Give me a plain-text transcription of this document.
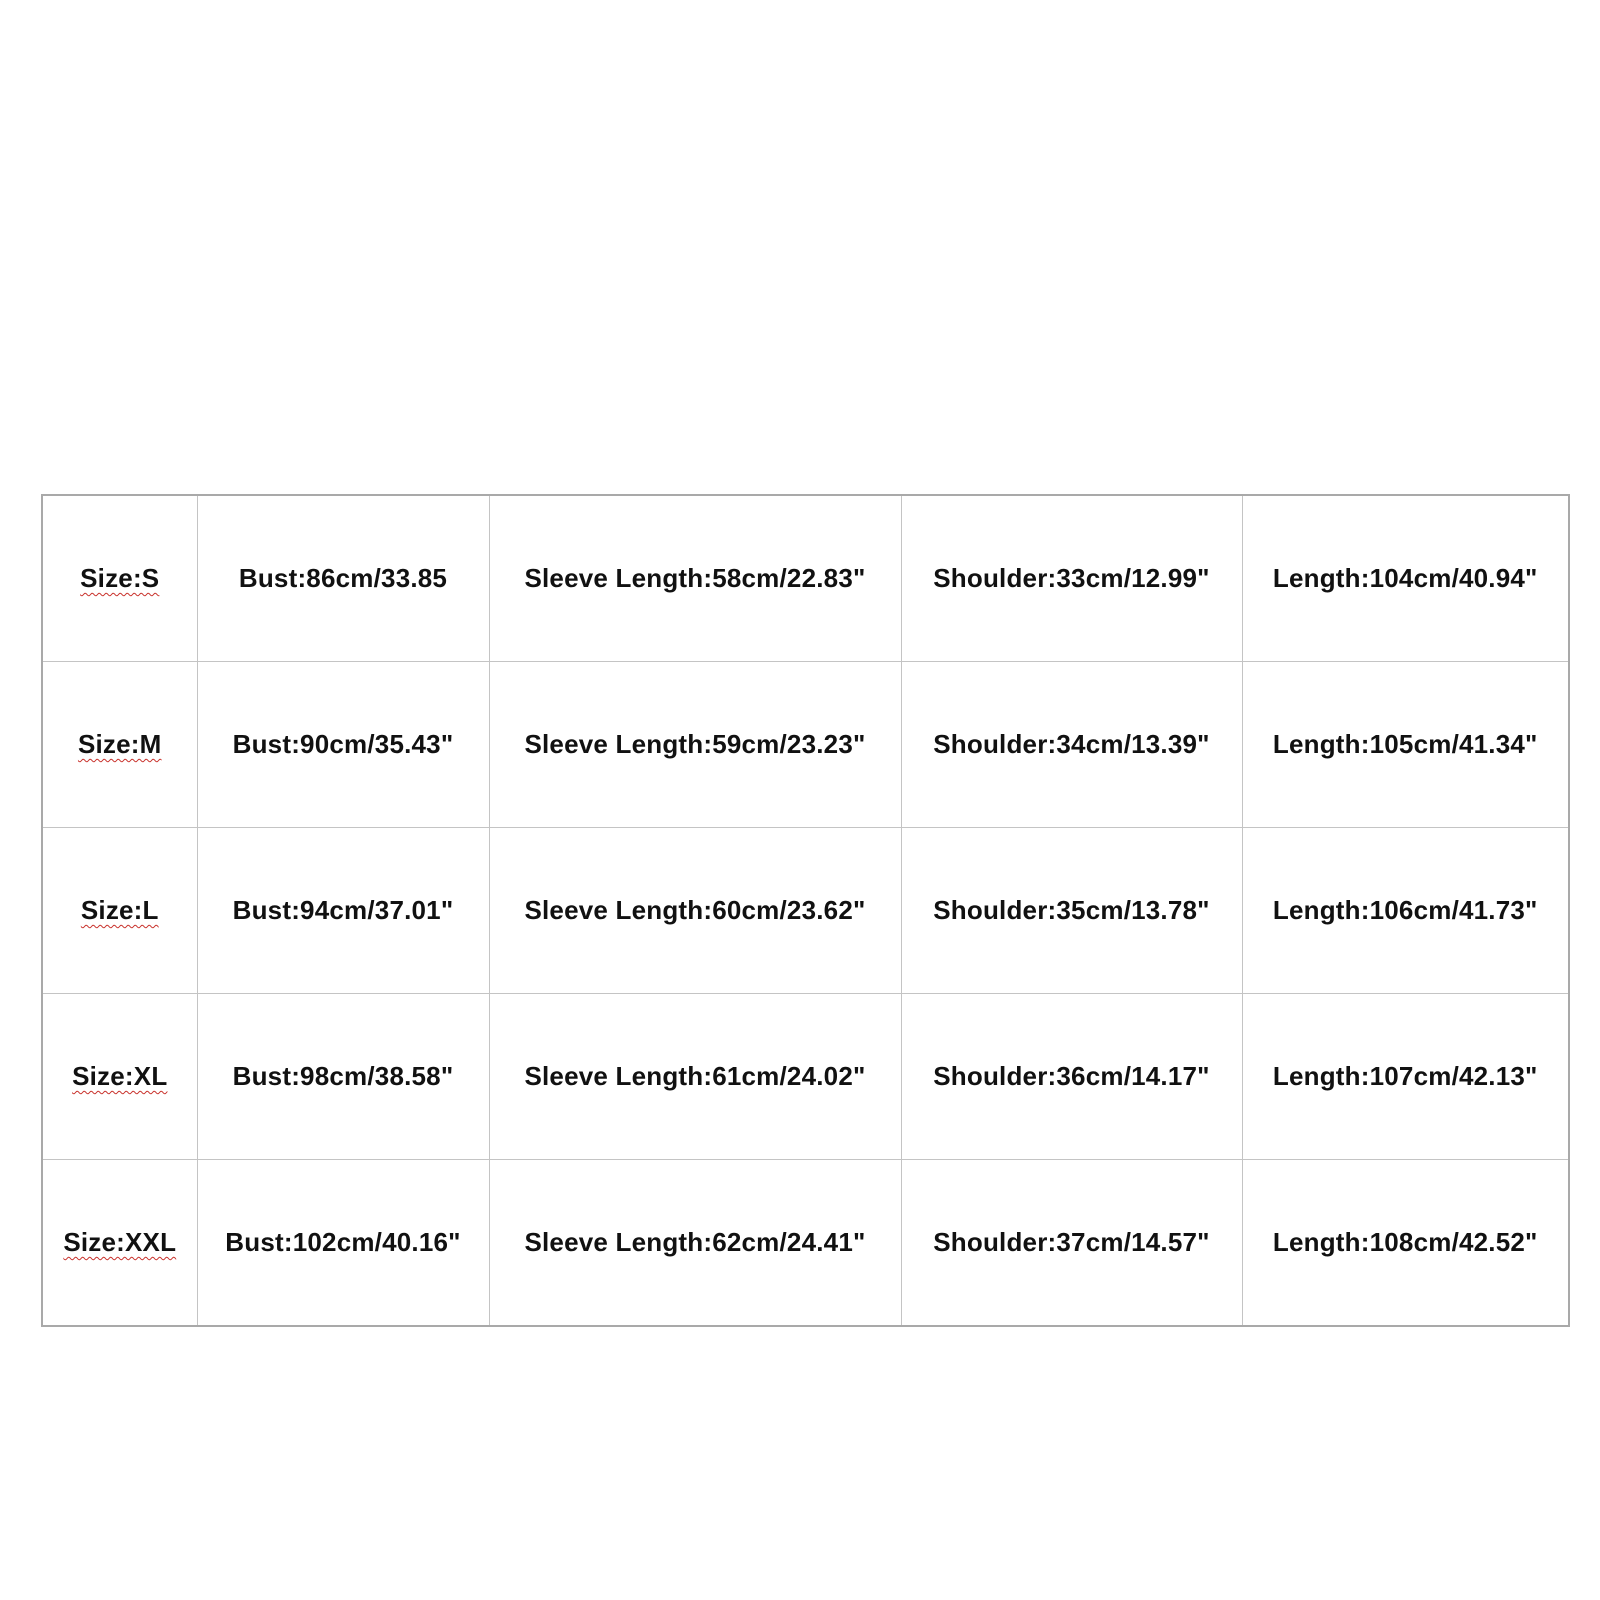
Size:S	Bust:86cm/33.85	Sleeve Length:58cm/22.83"	Shoulder:33cm/12.99"	Length:104cm/40.94"
Size:M	Bust:90cm/35.43"	Sleeve Length:59cm/23.23"	Shoulder:34cm/13.39"	Length:105cm/41.34"
Size:L	Bust:94cm/37.01"	Sleeve Length:60cm/23.62"	Shoulder:35cm/13.78"	Length:106cm/41.73"
Size:XL	Bust:98cm/38.58"	Sleeve Length:61cm/24.02"	Shoulder:36cm/14.17"	Length:107cm/42.13"
Size:XXL	Bust:102cm/40.16"	Sleeve Length:62cm/24.41"	Shoulder:37cm/14.57"	Length:108cm/42.52"
